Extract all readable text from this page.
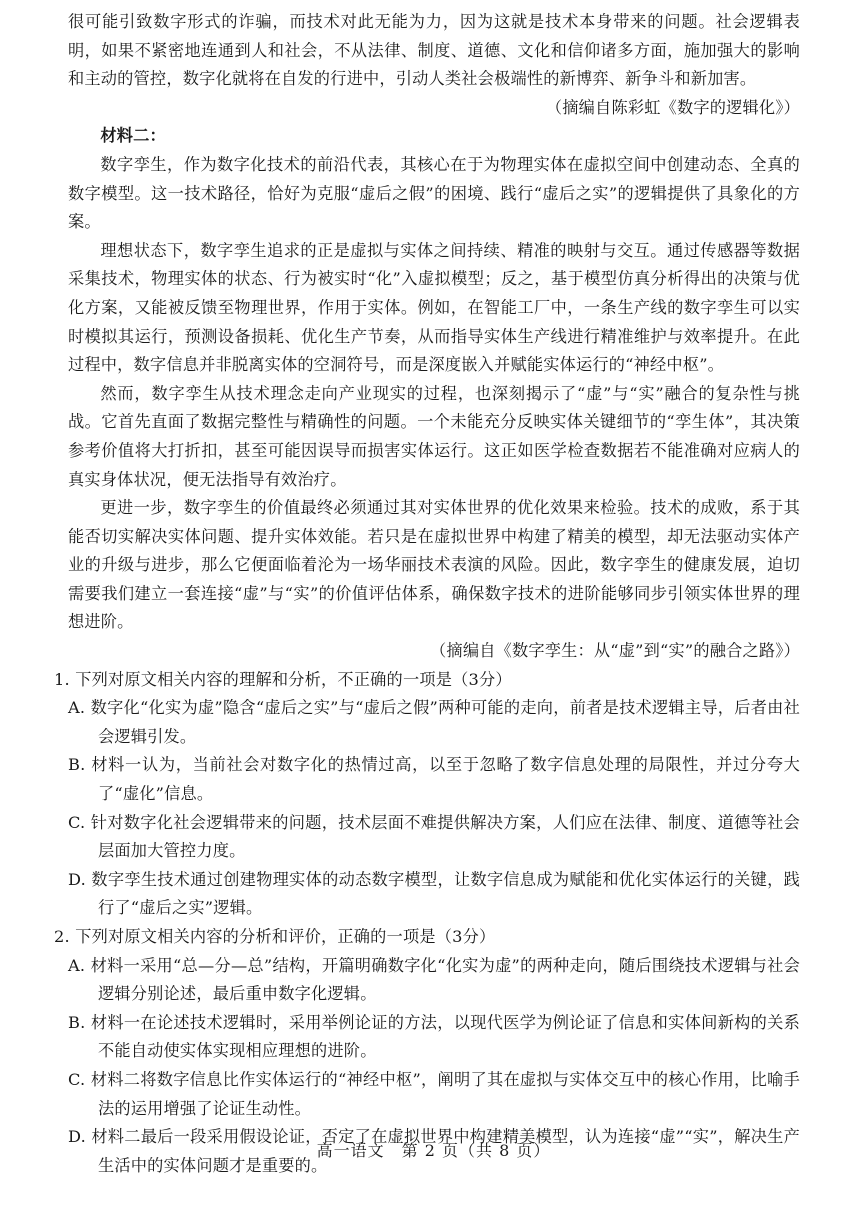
很可能引致数字形式的诈骗，而技术对此无能为力，因为这就是技术本身带来的问题。社会逻辑表明，如果不紧密地连通到人和社会，不从法律、制度、道德、文化和信仰诸多方面，施加强大的影响和主动的管控，数字化就将在自发的行进中，引动人类社会极端性的新博弈、新争斗和新加害。

（摘编自陈彩虹《数字的逻辑化》）

材料二：

数字孪生，作为数字化技术的前沿代表，其核心在于为物理实体在虚拟空间中创建动态、全真的数字模型。这一技术路径，恰好为克服“虚后之假”的困境、践行“虚后之实”的逻辑提供了具象化的方案。

理想状态下，数字孪生追求的正是虚拟与实体之间持续、精准的映射与交互。通过传感器等数据采集技术，物理实体的状态、行为被实时“化”入虚拟模型；反之，基于模型仿真分析得出的决策与优化方案，又能被反馈至物理世界，作用于实体。例如，在智能工厂中，一条生产线的数字孪生可以实时模拟其运行，预测设备损耗、优化生产节奏，从而指导实体生产线进行精准维护与效率提升。在此过程中，数字信息并非脱离实体的空洞符号，而是深度嵌入并赋能实体运行的“神经中枢”。

然而，数字孪生从技术理念走向产业现实的过程，也深刻揭示了“虚”与“实”融合的复杂性与挑战。它首先直面了数据完整性与精确性的问题。一个未能充分反映实体关键细节的“孪生体”，其决策参考价值将大打折扣，甚至可能因误导而损害实体运行。这正如医学检查数据若不能准确对应病人的真实身体状况，便无法指导有效治疗。

更进一步，数字孪生的价值最终必须通过其对实体世界的优化效果来检验。技术的成败，系于其能否切实解决实体问题、提升实体效能。若只是在虚拟世界中构建了精美的模型，却无法驱动实体产业的升级与进步，那么它便面临着沦为一场华丽技术表演的风险。因此，数字孪生的健康发展，迫切需要我们建立一套连接“虚”与“实”的价值评估体系，确保数字技术的进阶能够同步引领实体世界的理想进阶。

（摘编自《数字孪生：从“虚”到“实”的融合之路》）

1. 下列对原文相关内容的理解和分析，不正确的一项是（3分）

A. 数字化“化实为虚”隐含“虚后之实”与“虚后之假”两种可能的走向，前者是技术逻辑主导，后者由社会逻辑引发。

B. 材料一认为，当前社会对数字化的热情过高，以至于忽略了数字信息处理的局限性，并过分夸大了“虚化”信息。

C. 针对数字化社会逻辑带来的问题，技术层面不难提供解决方案，人们应在法律、制度、道德等社会层面加大管控力度。

D. 数字孪生技术通过创建物理实体的动态数字模型，让数字信息成为赋能和优化实体运行的关键，践行了“虚后之实”逻辑。

2. 下列对原文相关内容的分析和评价，正确的一项是（3分）

A. 材料一采用“总—分—总”结构，开篇明确数字化“化实为虚”的两种走向，随后围绕技术逻辑与社会逻辑分别论述，最后重申数字化逻辑。

B. 材料一在论述技术逻辑时，采用举例论证的方法，以现代医学为例论证了信息和实体间新构的关系不能自动使实体实现相应理想的进阶。

C. 材料二将数字信息比作实体运行的“神经中枢”，阐明了其在虚拟与实体交互中的核心作用，比喻手法的运用增强了论证生动性。

D. 材料二最后一段采用假设论证，否定了在虚拟世界中构建精美模型，认为连接“虚”“实”，解决生产生活中的实体问题才是重要的。

高一语文　第 2 页（共 8 页）
